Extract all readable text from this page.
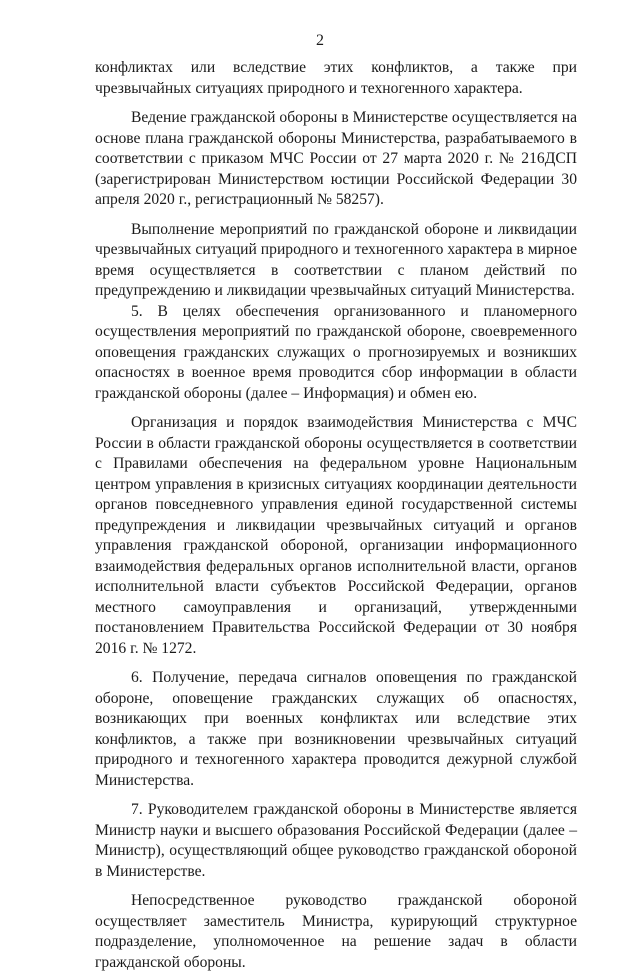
2

конфликтах или вследствие этих конфликтов, а также при чрезвычайных ситуациях природного и техногенного характера.

Ведение гражданской обороны в Министерстве осуществляется на основе плана гражданской обороны Министерства, разрабатываемого в соответствии с приказом МЧС России от 27 марта 2020 г. № 216ДСП (зарегистрирован Министерством юстиции Российской Федерации 30 апреля 2020 г., регистрационный № 58257).

Выполнение мероприятий по гражданской обороне и ликвидации чрезвычайных ситуаций природного и техногенного характера в мирное время осуществляется в соответствии с планом действий по предупреждению и ликвидации чрезвычайных ситуаций Министерства.

5. В целях обеспечения организованного и планомерного осуществления мероприятий по гражданской обороне, своевременного оповещения гражданских служащих о прогнозируемых и возникших опасностях в военное время проводится сбор информации в области гражданской обороны (далее – Информация) и обмен ею.

Организация и порядок взаимодействия Министерства с МЧС России в области гражданской обороны осуществляется в соответствии с Правилами обеспечения на федеральном уровне Национальным центром управления в кризисных ситуациях координации деятельности органов повседневного управления единой государственной системы предупреждения и ликвидации чрезвычайных ситуаций и органов управления гражданской обороной, организации информационного взаимодействия федеральных органов исполнительной власти, органов исполнительной власти субъектов Российской Федерации, органов местного самоуправления и организаций, утвержденными постановлением Правительства Российской Федерации от 30 ноября 2016 г. № 1272.

6. Получение, передача сигналов оповещения по гражданской обороне, оповещение гражданских служащих об опасностях, возникающих при военных конфликтах или вследствие этих конфликтов, а также при возникновении чрезвычайных ситуаций природного и техногенного характера проводится дежурной службой Министерства.

7. Руководителем гражданской обороны в Министерстве является Министр науки и высшего образования Российской Федерации (далее – Министр), осуществляющий общее руководство гражданской обороной в Министерстве.

Непосредственное руководство гражданской обороной осуществляет заместитель Министра, курирующий структурное подразделение, уполномоченное на решение задач в области гражданской обороны.
